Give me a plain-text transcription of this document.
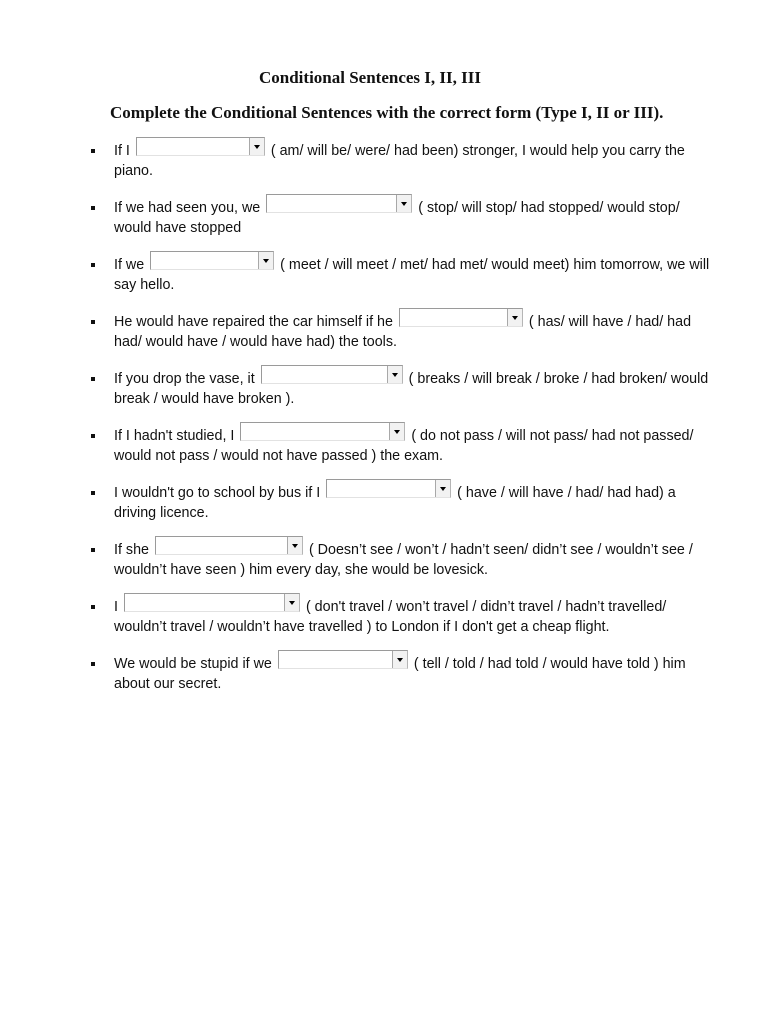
Conditional Sentences I, II, III
Complete the Conditional Sentences with the correct form (Type I, II or III).
If I	( am/ will be/ were/ had been) stronger, I would help you carry the piano.
If we had seen you, we	( stop/ will stop/ had stopped/ would stop/ would have stopped
If we	( meet / will meet / met/ had met/ would meet) him tomorrow, we will say hello.
He would have repaired the car himself if he	( has/ will have / had/ had had/ would have / would have had) the tools.
If you drop the vase, it	( breaks / will break / broke / had broken/ would break / would have broken ).
If I hadn't studied, I	( do not pass / will not pass/ had not passed/ would not pass / would not have passed ) the exam.
I wouldn't go to school by bus if I	( have / will have / had/ had had) a driving licence.
If she	( Doesn’t see / won’t / hadn’t seen/ didn’t see / wouldn’t see / wouldn’t have seen ) him every day, she would be lovesick.
I	( don't travel / won’t travel / didn’t travel / hadn’t travelled/ wouldn’t travel / wouldn’t have travelled ) to London if I don't get a cheap flight.
We would be stupid if we	( tell / told / had told / would have told ) him about our secret.
